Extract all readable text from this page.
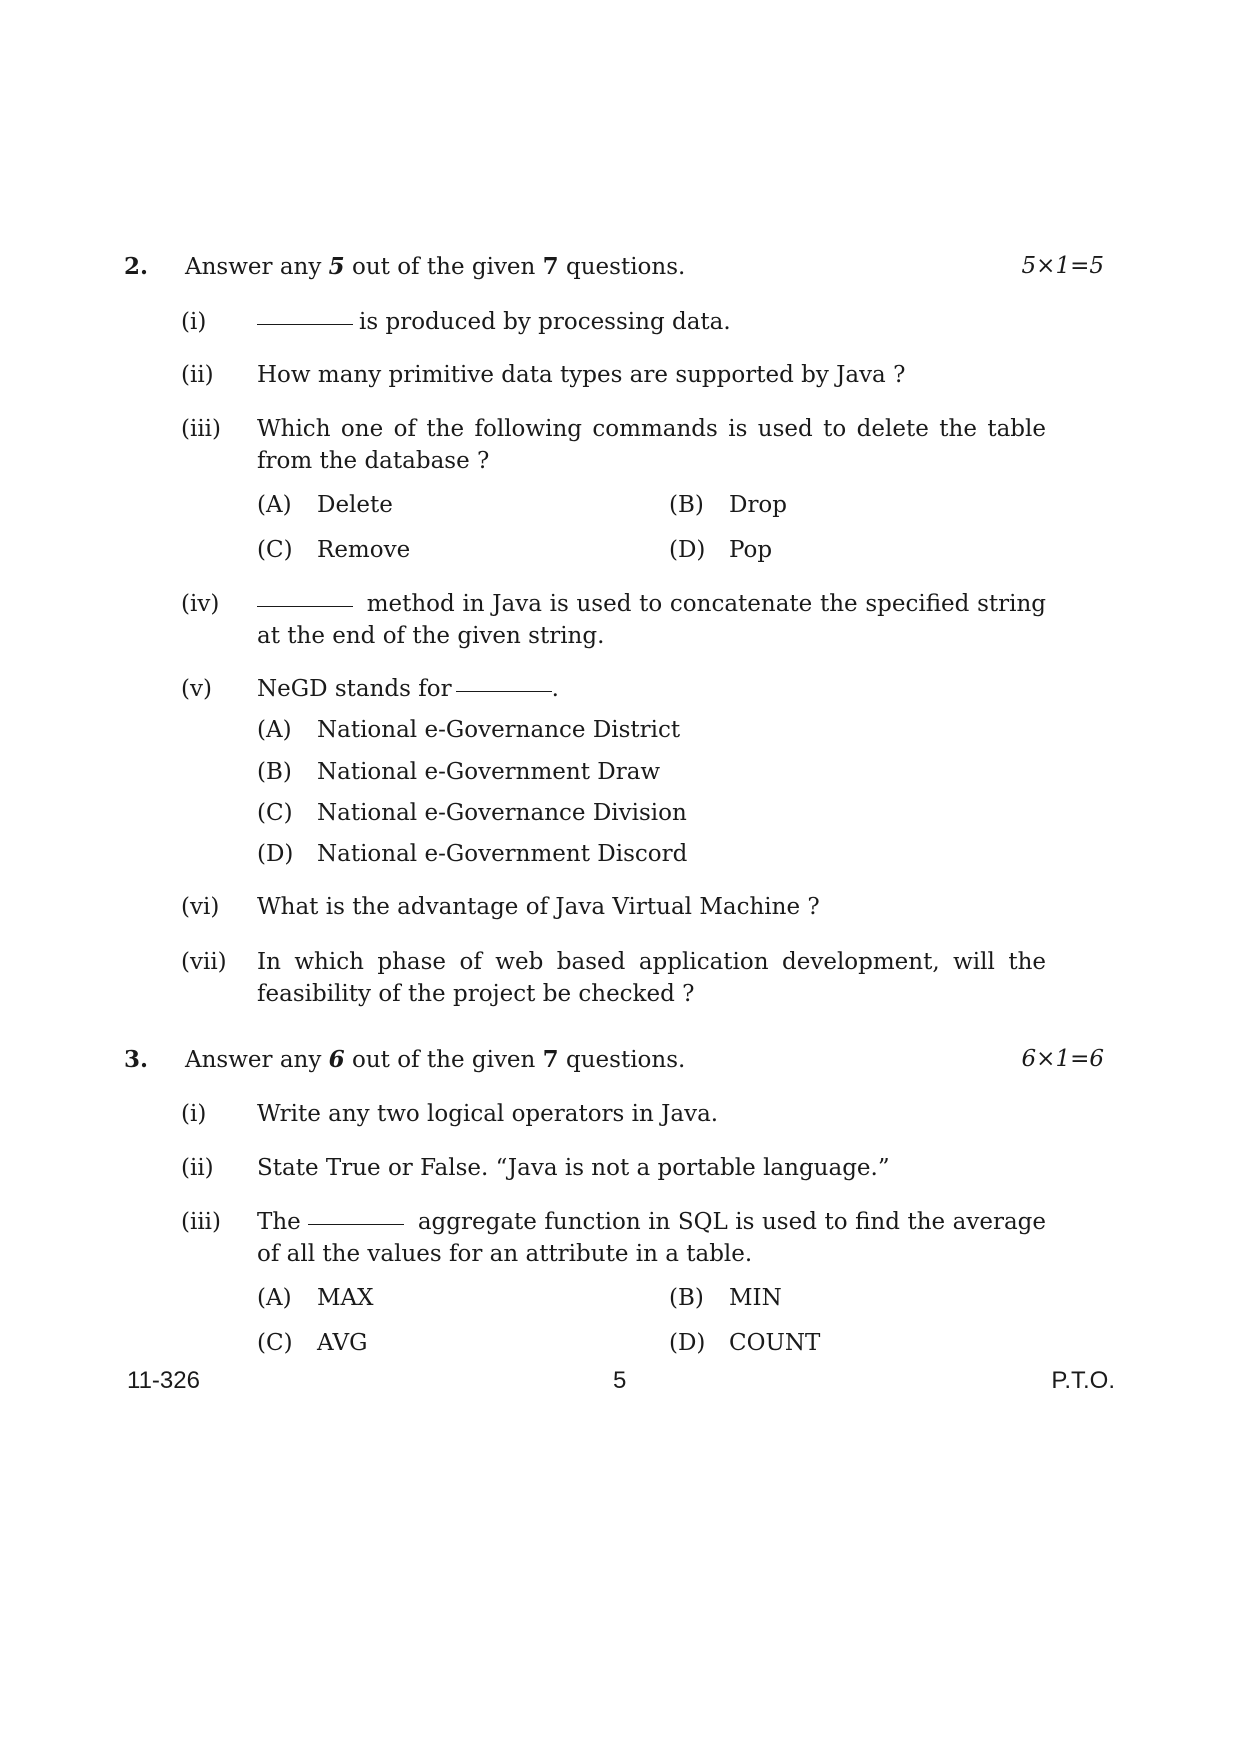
2. Answer any 5 out of the given 7 questions.	5×1=5
(i)	is produced by processing data.
(ii) How many primitive data types are supported by Java ?
(iii) Which one of the following commands is used to delete the table
from the database ?
(A) Delete	(B) Drop
(C) Remove	(D) Pop
(iv)	method in Java is used to concatenate the specified string
at the end of the given string.
(v) NeGD stands for	.
(A) National e-Governance District
(B) National e-Government Draw
(C) National e-Governance Division
(D) National e-Government Discord
(vi) What is the advantage of Java Virtual Machine ?
(vii) In which phase of web based application development, will the
feasibility of the project be checked ?
3. Answer any 6 out of the given 7 questions.	6×1=6
(i) Write any two logical operators in Java.
(ii) State True or False. “Java is not a portable language.”
(iii) The	aggregate function in SQL is used to find the average
of all the values for an attribute in a table.
(A) MAX	(B) MIN
(C) AVG	(D) COUNT
11-326	5	P.T.O.
